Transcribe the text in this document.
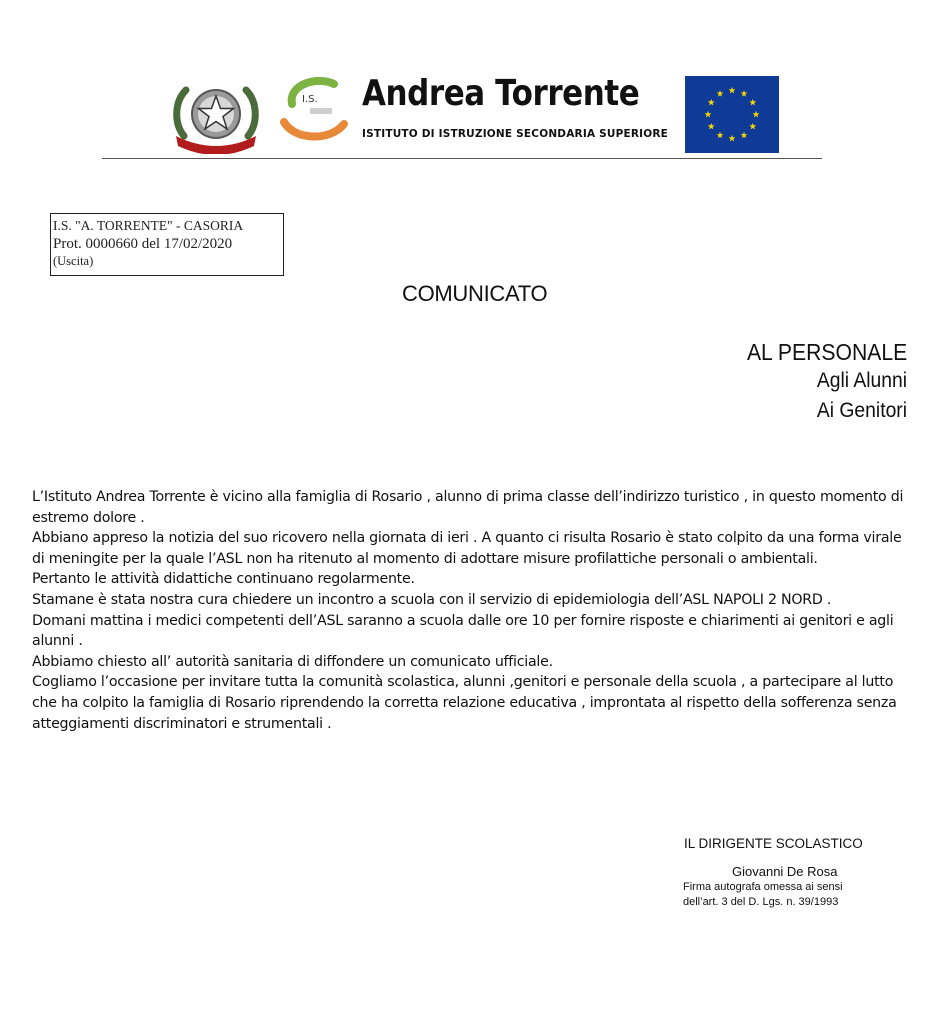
I.S. Andrea Torrente
ISTITUTO DI ISTRUZIONE SECONDARIA SUPERIORE
I.S. "A. TORRENTE" - CASORIA
Prot. 0000660 del 17/02/2020
(Uscita)
COMUNICATO
AL PERSONALE
Agli Alunni
Ai Genitori

L’Istituto Andrea Torrente è vicino alla famiglia di Rosario , alunno di prima classe dell’indirizzo turistico , in questo momento di estremo dolore .

Abbiano appreso la notizia del suo ricovero nella giornata di ieri . A quanto ci risulta Rosario è stato colpito da una forma virale di meningite per la quale l’ASL non ha ritenuto al momento di adottare misure profilattiche personali o ambientali.

Pertanto le attività didattiche continuano regolarmente.

Stamane è stata nostra cura chiedere un incontro a scuola con il servizio di epidemiologia dell’ASL NAPOLI 2 NORD .

Domani mattina i medici competenti dell’ASL saranno a scuola dalle ore 10 per fornire risposte e chiarimenti ai genitori e agli alunni .

Abbiamo chiesto all’ autorità sanitaria di diffondere un comunicato ufficiale.

Cogliamo l’occasione per invitare tutta la comunità scolastica, alunni ,genitori e personale della scuola , a partecipare al lutto che ha colpito la famiglia di Rosario riprendendo la corretta relazione educativa , improntata al rispetto della sofferenza senza atteggiamenti discriminatori e strumentali .

IL DIRIGENTE SCOLASTICO
Giovanni De Rosa
Firma autografa omessa ai sensi
dell’art. 3 del D. Lgs. n. 39/1993
